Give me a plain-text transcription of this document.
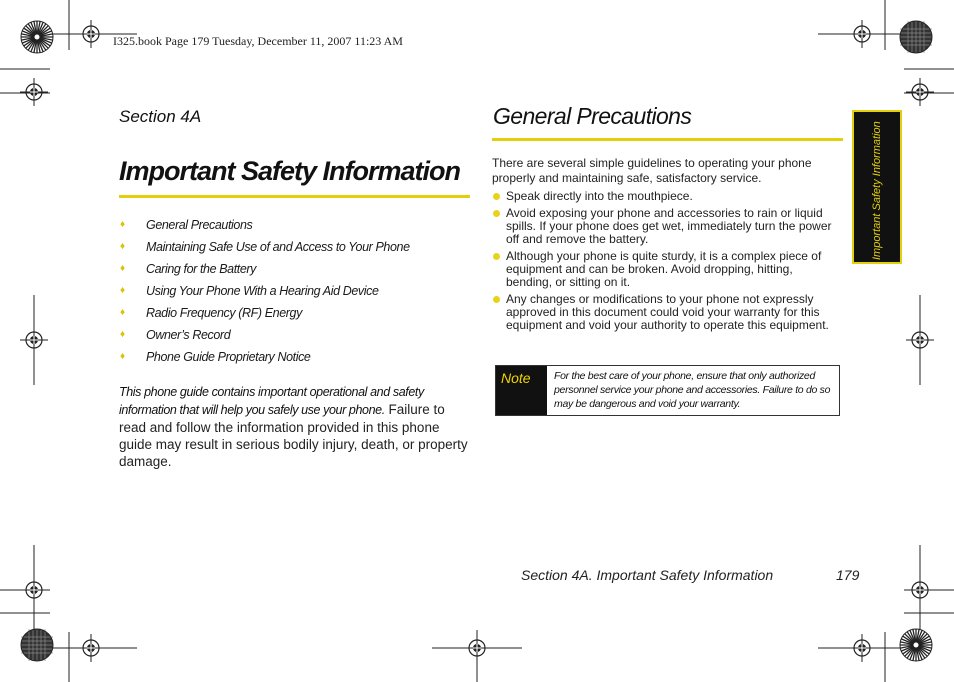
I325.book Page 179 Tuesday, December 11, 2007 11:23 AM
Section 4A
Important Safety Information
♦ General Precautions
♦ Maintaining Safe Use of and Access to Your Phone
♦ Caring for the Battery
♦ Using Your Phone With a Hearing Aid Device
♦ Radio Frequency (RF) Energy
♦ Owner’s Record
♦ Phone Guide Proprietary Notice
This phone guide contains important operational and safety information that will help you safely use your phone. Failure to read and follow the information provided in this phone guide may result in serious bodily injury, death, or property damage.
General Precautions
There are several simple guidelines to operating your phone properly and maintaining safe, satisfactory service.
Speak directly into the mouthpiece.
Avoid exposing your phone and accessories to rain or liquid spills. If your phone does get wet, immediately turn the power off and remove the battery.
Although your phone is quite sturdy, it is a complex piece of equipment and can be broken. Avoid dropping, hitting, bending, or sitting on it.
Any changes or modifications to your phone not expressly approved in this document could void your warranty for this equipment and void your authority to operate this equipment.
Note	For the best care of your phone, ensure that only authorized personnel service your phone and accessories. Failure to do so may be dangerous and void your warranty.
Important Safety Information
Section 4A. Important Safety Information	179
